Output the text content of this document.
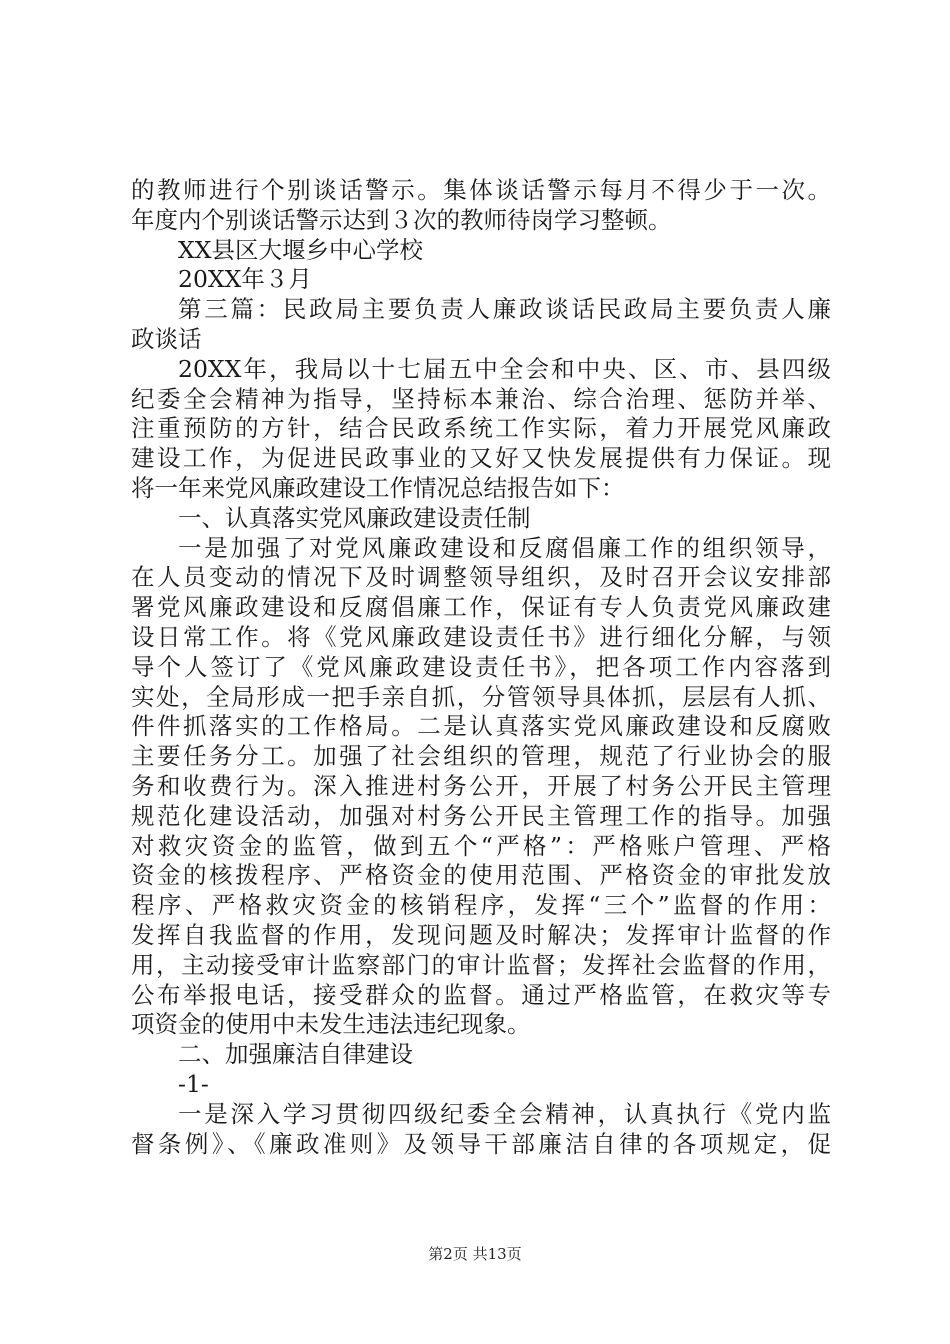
的教师进行个别谈话警示。集体谈话警示每月不得少于一次。
年度内个别谈话警示达到３次的教师待岗学习整顿。
XX县区大堰乡中心学校
20XX年３月
第三篇：民政局主要负责人廉政谈话民政局主要负责人廉
政谈话
20XX年，我局以十七届五中全会和中央、区、市、县四级
纪委全会精神为指导，坚持标本兼治、综合治理、惩防并举、
注重预防的方针，结合民政系统工作实际，着力开展党风廉政
建设工作，为促进民政事业的又好又快发展提供有力保证。现
将一年来党风廉政建设工作情况总结报告如下：
一、认真落实党风廉政建设责任制
一是加强了对党风廉政建设和反腐倡廉工作的组织领导，
在人员变动的情况下及时调整领导组织，及时召开会议安排部
署党风廉政建设和反腐倡廉工作，保证有专人负责党风廉政建
设日常工作。将《党风廉政建设责任书》进行细化分解，与领
导个人签订了《党风廉政建设责任书》，把各项工作内容落到
实处，全局形成一把手亲自抓，分管领导具体抓，层层有人抓、
件件抓落实的工作格局。二是认真落实党风廉政建设和反腐败
主要任务分工。加强了社会组织的管理，规范了行业协会的服
务和收费行为。深入推进村务公开，开展了村务公开民主管理
规范化建设活动，加强对村务公开民主管理工作的指导。加强
对救灾资金的监管，做到五个“严格”：严格账户管理、严格
资金的核拨程序、严格资金的使用范围、严格资金的审批发放
程序、严格救灾资金的核销程序，发挥“三个”监督的作用：
发挥自我监督的作用，发现问题及时解决；发挥审计监督的作
用，主动接受审计监察部门的审计监督；发挥社会监督的作用，
公布举报电话，接受群众的监督。通过严格监管，在救灾等专
项资金的使用中未发生违法违纪现象。
二、加强廉洁自律建设
-1-
一是深入学习贯彻四级纪委全会精神，认真执行《党内监
督条例》、《廉政准则》及领导干部廉洁自律的各项规定，促
第2页 共13页
